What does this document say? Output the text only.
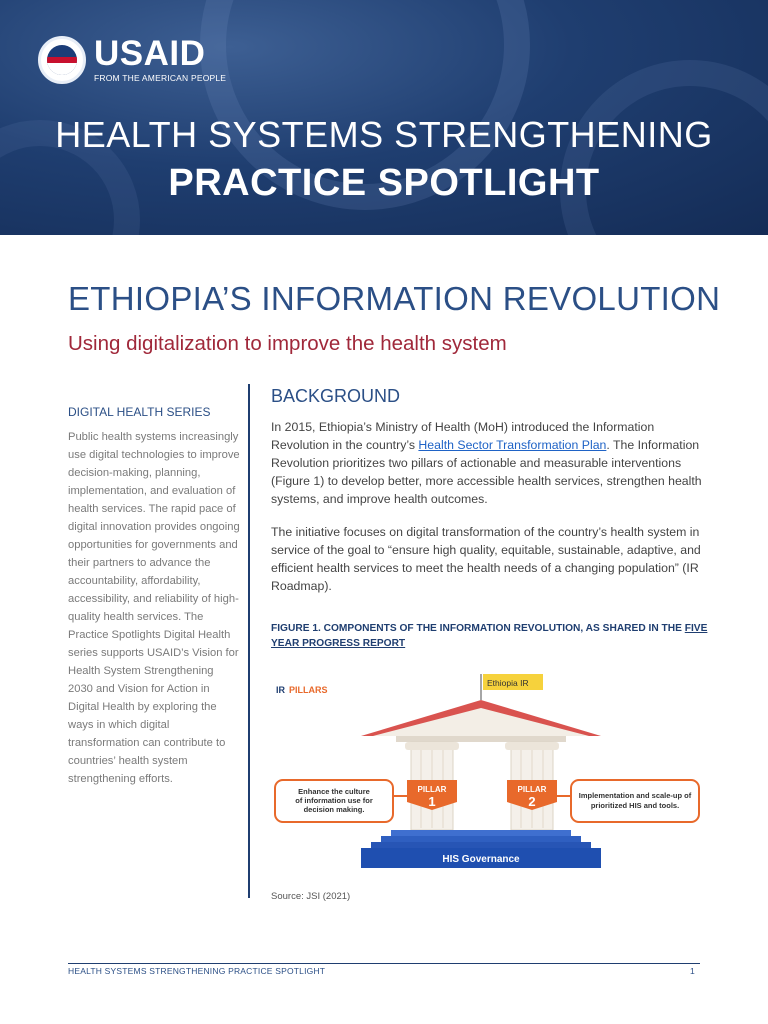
USAID
FROM THE AMERICAN PEOPLE
HEALTH SYSTEMS STRENGTHENING
PRACTICE SPOTLIGHT
ETHIOPIA’S INFORMATION REVOLUTION
Using digitalization to improve the health system
DIGITAL HEALTH SERIES
Public health systems increasingly use digital technologies to improve decision-making, planning, implementation, and evaluation of health services. The rapid pace of digital innovation provides ongoing opportunities for governments and their partners to advance the accountability, affordability, accessibility, and reliability of high-quality health services. The Practice Spotlights Digital Health series supports USAID’s Vision for Health System Strengthening 2030 and Vision for Action in Digital Health by exploring the ways in which digital transformation can contribute to countries’ health system strengthening efforts.
BACKGROUND
In 2015, Ethiopia’s Ministry of Health (MoH) introduced the Information Revolution in the country’s Health Sector Transformation Plan. The Information Revolution prioritizes two pillars of actionable and measurable interventions (Figure 1) to develop better, more accessible health services, strengthen health systems, and improve health outcomes.
The initiative focuses on digital transformation of the country’s health system in service of the goal to “ensure high quality, equitable, sustainable, adaptive, and efficient health services to meet the health needs of a changing population” (IR Roadmap).
FIGURE 1. COMPONENTS OF THE INFORMATION REVOLUTION, AS SHARED IN THE FIVE YEAR PROGRESS REPORT
IR PILLARS
Ethiopia IR
PILLAR
1
PILLAR
2
Enhance the culture
of information use for
decision making.
Implementation and scale-up of
prioritized HIS and tools.
HIS Governance
Source: JSI (2021)
HEALTH SYSTEMS STRENGTHENING PRACTICE SPOTLIGHT	1
